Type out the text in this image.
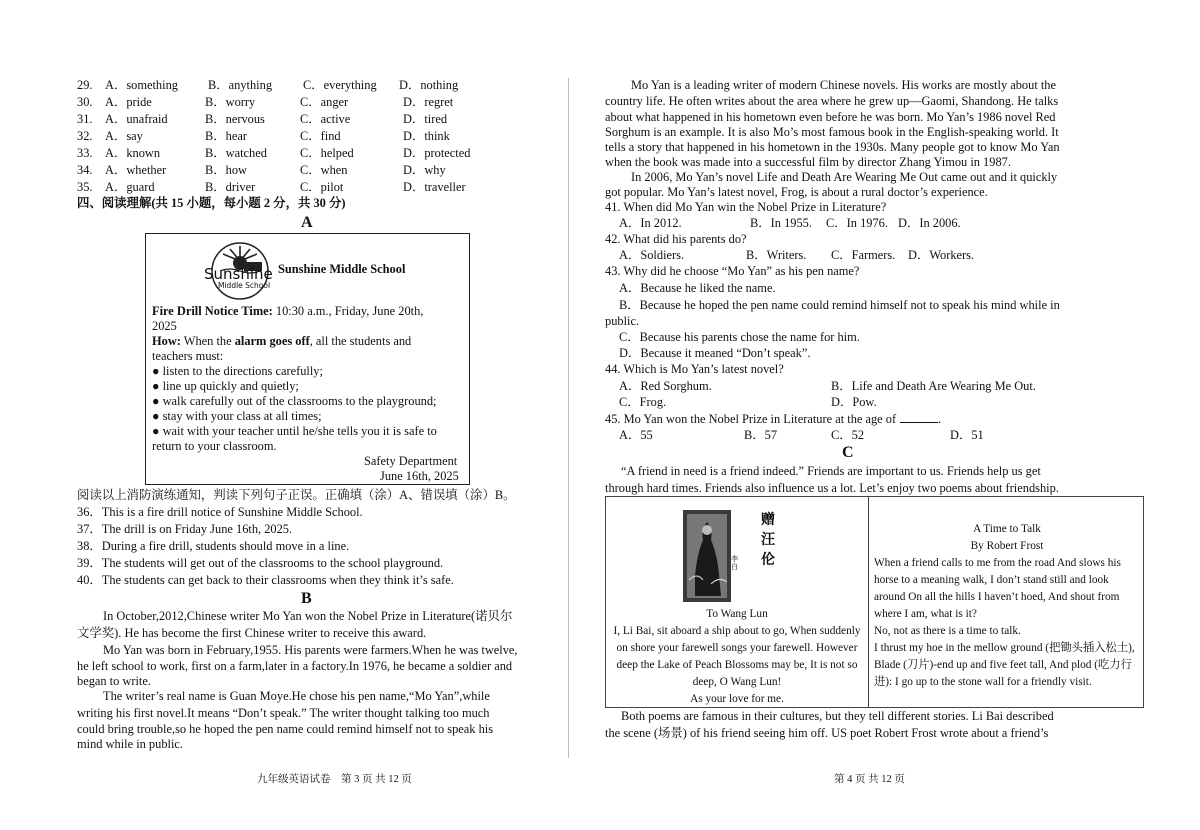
29. A．something B．anything C．everything D．nothing
30. A．pride	B．worry	C．anger	D．regret
31. A．unafraid	B．nervous	C．active	D．tired
32. A．say	B．hear	C．find	D．think
33. A．known	B．watched	C．helped	D．protected
34. A．whether	B．how	C．when	D．why
35. A．guard	B．driver	C．pilot	D．traveller
四、阅读理解(共 15 小题，每小题 2 分，共 30 分)
A
Sunshine
Middle School
Sunshine Middle School
Fire Drill Notice Time: 10:30 a.m., Friday, June 20th,
2025
How: When the alarm goes off, all the students and
teachers must:
● listen to the directions carefully;
● line up quickly and quietly;
● walk carefully out of the classrooms to the playground;
● stay with your class at all times;
● wait with your teacher until he/she tells you it is safe to
return to your classroom.
Safety Department
June 16th, 2025
阅读以上消防演练通知，判读下列句子正误。正确填（涂）A、错误填（涂）B。
36．This is a fire drill notice of Sunshine Middle School.
37．The drill is on Friday June 16th, 2025.
38．During a fire drill, students should move in a line.
39．The students will get out of the classrooms to the school playground.
40．The students can get back to their classrooms when they think it’s safe.
B
In October,2012,Chinese writer Mo Yan won the Nobel Prize in Literature(诺贝尔
文学奖). He has become the first Chinese writer to receive this award.
Mo Yan was born in February,1955. His parents were farmers.When he was twelve,
he left school to work, first on a farm,later in a factory.In 1976, he became a soldier and
began to write.
The writer’s real name is Guan Moye.He chose his pen name,“Mo Yan”,while
writing his first novel.It means “Don’t speak.” The writer thought talking too much
could bring trouble,so he hoped the pen name could remind himself not to speak his
mind while in public.
九年级英语试卷　第 3 页 共 12 页
Mo Yan is a leading writer of modern Chinese novels. His works are mostly about the
country life. He often writes about the area where he grew up—Gaomi, Shandong. He talks
about what happened in his hometown even before he was born. Mo Yan’s 1986 novel Red
Sorghum is an example. It is also Mo’s most famous book in the English-speaking world. It
tells a story that happened in his hometown in the 1930s. Many people got to know Mo Yan
when the book was made into a successful film by director Zhang Yimou in 1987.
In 2006, Mo Yan’s novel Life and Death Are Wearing Me Out came out and it quickly
got popular. Mo Yan’s latest novel, Frog, is about a rural doctor’s experience.
41. When did Mo Yan win the Nobel Prize in Literature?
A．In 2012.	B．In 1955. C．In 1976. D．In 2006.
42. What did his parents do?
A．Soldiers.	B．Writers. C．Farmers. D．Workers.
43. Why did he choose “Mo Yan” as his pen name?
A．Because he liked the name.
B．Because he hoped the pen name could remind himself not to speak his mind while in
public.
C．Because his parents chose the name for him.
D．Because it meaned “Don’t speak”.
44. Which is Mo Yan’s latest novel?
A．Red Sorghum.	B．Life and Death Are Wearing Me Out.
C．Frog.	D．Pow.
45. Mo Yan won the Nobel Prize in Literature at the age of	.
A．55	B．57	C．52	D．51
C
“A friend in need is a friend indeed.” Friends are important to us. Friends help us get
through hard times. Friends also influence us a lot. Let’s enjoy two poems about friendship.
赠
汪
伦
李白
To Wang Lun
I, Li Bai, sit aboard a ship about to go, When suddenly
on shore your farewell songs your farewell. However
deep the Lake of Peach Blossoms may be, It is not so
deep, O Wang Lun!
As your love for me.
A Time to Talk
By Robert Frost
When a friend calls to me from the road And slows his
horse to a meaning walk, I don’t stand still and look
around On all the hills I haven’t hoed, And shout from
where I am, what is it?
No, not as there is a time to talk.
I thrust my hoe in the mellow ground (把锄头插入松土),
Blade (刀片)-end up and five feet tall, And plod (吃力行
进): I go up to the stone wall for a friendly visit.
Both poems are famous in their cultures, but they tell different stories. Li Bai described
the scene (场景) of his friend seeing him off. US poet Robert Frost wrote about a friend’s
第 4 页 共 12 页
